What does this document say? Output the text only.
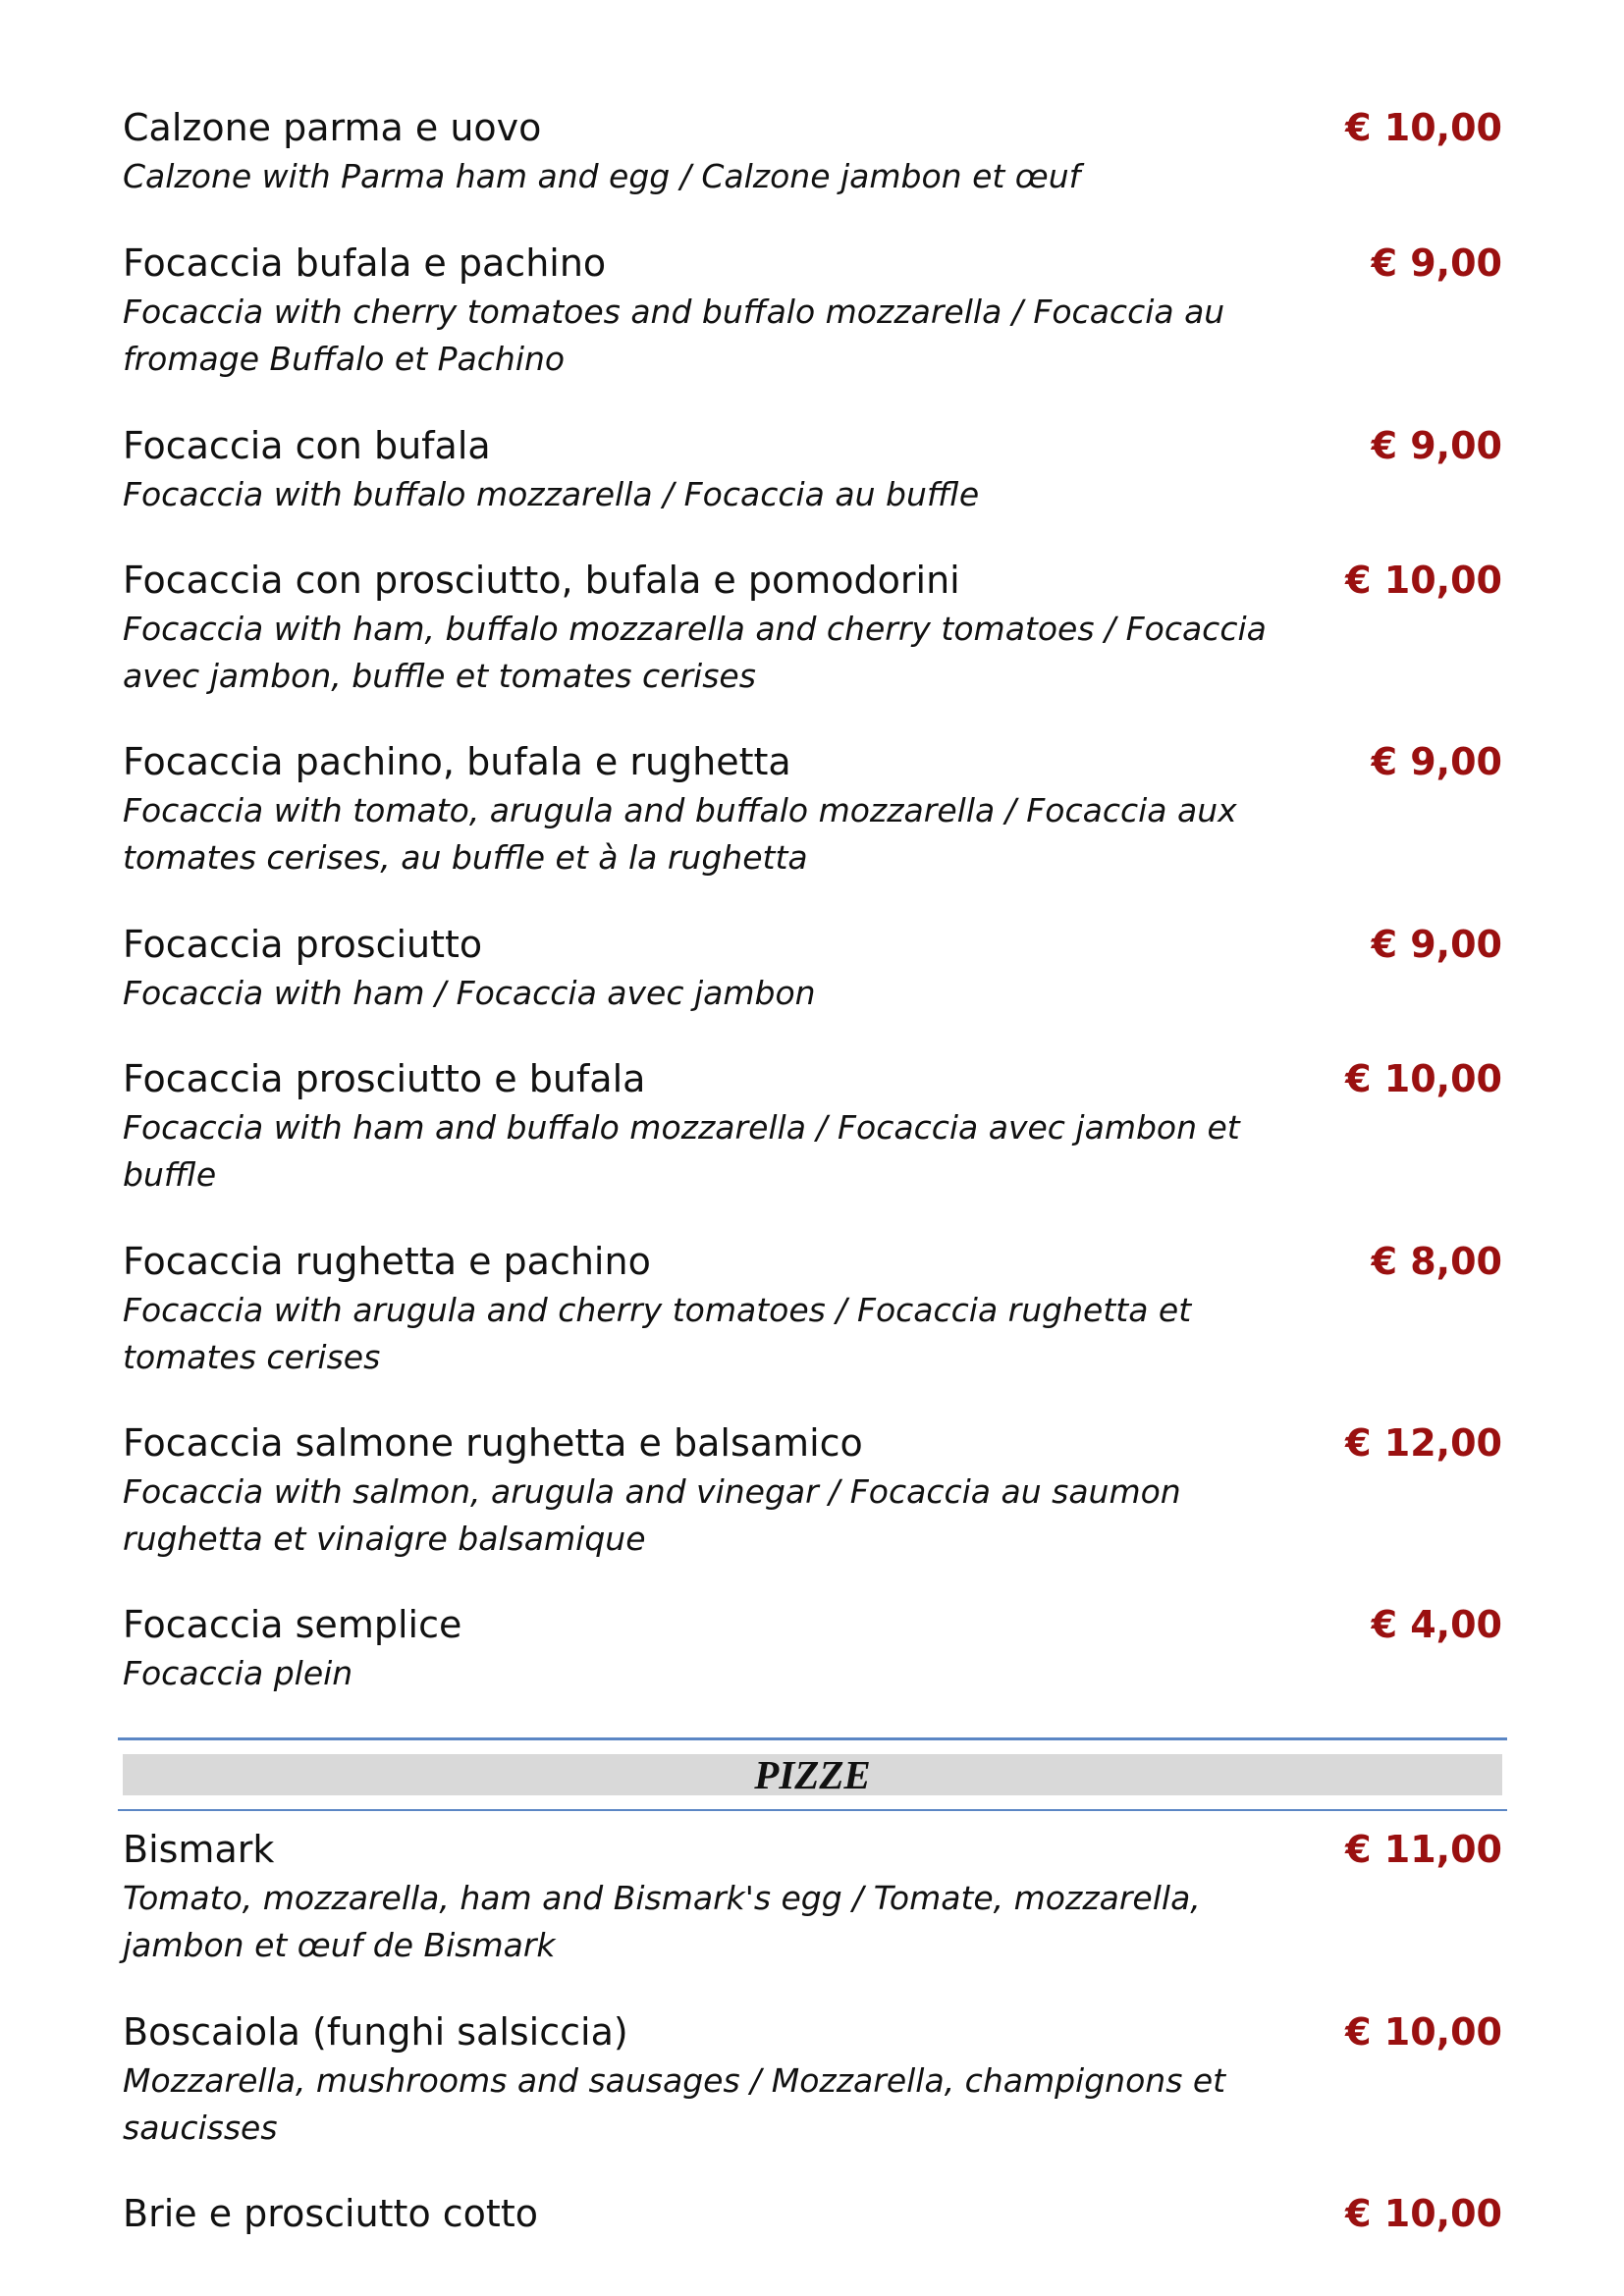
Calzone parma e uovo
Calzone with Parma ham and egg / Calzone jambon et œuf
€ 10,00
Focaccia bufala e pachino
Focaccia with cherry tomatoes and buffalo mozzarella / Focaccia au fromage Buffalo et Pachino
€ 9,00
Focaccia con bufala
Focaccia with buffalo mozzarella / Focaccia au buffle
€ 9,00
Focaccia con prosciutto, bufala e pomodorini
Focaccia with ham, buffalo mozzarella and cherry tomatoes / Focaccia avec jambon, buffle et tomates cerises
€ 10,00
Focaccia pachino, bufala e rughetta
Focaccia with tomato, arugula and buffalo mozzarella / Focaccia aux tomates cerises, au buffle et à la rughetta
€ 9,00
Focaccia prosciutto
Focaccia with ham / Focaccia avec jambon
€ 9,00
Focaccia prosciutto e bufala
Focaccia with ham and buffalo mozzarella / Focaccia avec jambon et buffle
€ 10,00
Focaccia rughetta e pachino
Focaccia with arugula and cherry tomatoes / Focaccia rughetta et tomates cerises
€ 8,00
Focaccia salmone rughetta e balsamico
Focaccia with salmon, arugula and vinegar / Focaccia au saumon rughetta et vinaigre balsamique
€ 12,00
Focaccia semplice
Focaccia plein
€ 4,00
PIZZE
Bismark
Tomato, mozzarella, ham and Bismark's egg / Tomate, mozzarella, jambon et œuf de Bismark
€ 11,00
Boscaiola (funghi salsiccia)
Mozzarella, mushrooms and sausages / Mozzarella, champignons et saucisses
€ 10,00
Brie e prosciutto cotto	€ 10,00
